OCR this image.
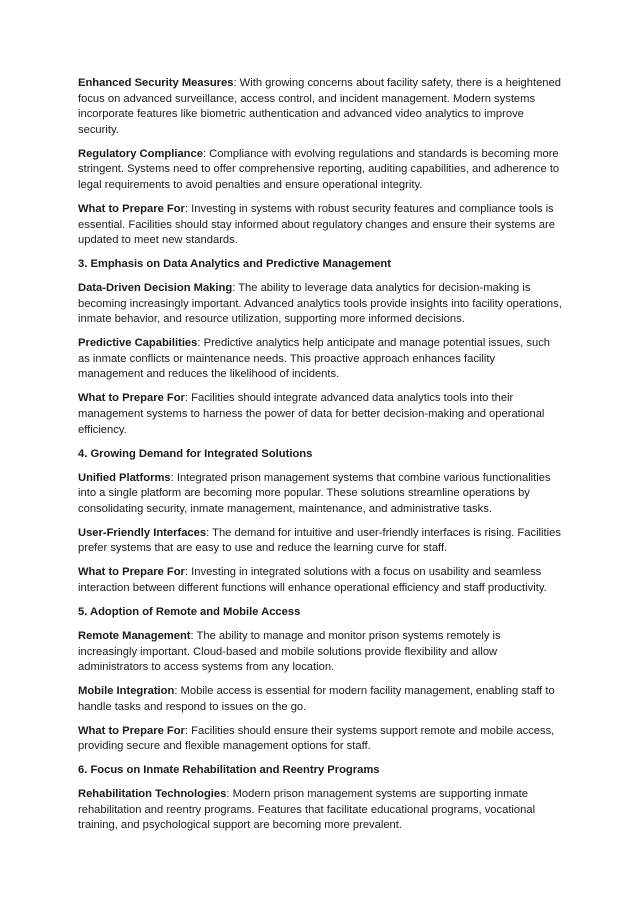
Enhanced Security Measures: With growing concerns about facility safety, there is a heightened focus on advanced surveillance, access control, and incident management. Modern systems incorporate features like biometric authentication and advanced video analytics to improve security.

Regulatory Compliance: Compliance with evolving regulations and standards is becoming more stringent. Systems need to offer comprehensive reporting, auditing capabilities, and adherence to legal requirements to avoid penalties and ensure operational integrity.

What to Prepare For: Investing in systems with robust security features and compliance tools is essential. Facilities should stay informed about regulatory changes and ensure their systems are updated to meet new standards.

3. Emphasis on Data Analytics and Predictive Management

Data-Driven Decision Making: The ability to leverage data analytics for decision-making is becoming increasingly important. Advanced analytics tools provide insights into facility operations, inmate behavior, and resource utilization, supporting more informed decisions.

Predictive Capabilities: Predictive analytics help anticipate and manage potential issues, such as inmate conflicts or maintenance needs. This proactive approach enhances facility management and reduces the likelihood of incidents.

What to Prepare For: Facilities should integrate advanced data analytics tools into their management systems to harness the power of data for better decision-making and operational efficiency.

4. Growing Demand for Integrated Solutions

Unified Platforms: Integrated prison management systems that combine various functionalities into a single platform are becoming more popular. These solutions streamline operations by consolidating security, inmate management, maintenance, and administrative tasks.

User-Friendly Interfaces: The demand for intuitive and user-friendly interfaces is rising. Facilities prefer systems that are easy to use and reduce the learning curve for staff.

What to Prepare For: Investing in integrated solutions with a focus on usability and seamless interaction between different functions will enhance operational efficiency and staff productivity.

5. Adoption of Remote and Mobile Access

Remote Management: The ability to manage and monitor prison systems remotely is increasingly important. Cloud-based and mobile solutions provide flexibility and allow administrators to access systems from any location.

Mobile Integration: Mobile access is essential for modern facility management, enabling staff to handle tasks and respond to issues on the go.

What to Prepare For: Facilities should ensure their systems support remote and mobile access, providing secure and flexible management options for staff.

6. Focus on Inmate Rehabilitation and Reentry Programs

Rehabilitation Technologies: Modern prison management systems are supporting inmate rehabilitation and reentry programs. Features that facilitate educational programs, vocational training, and psychological support are becoming more prevalent.
